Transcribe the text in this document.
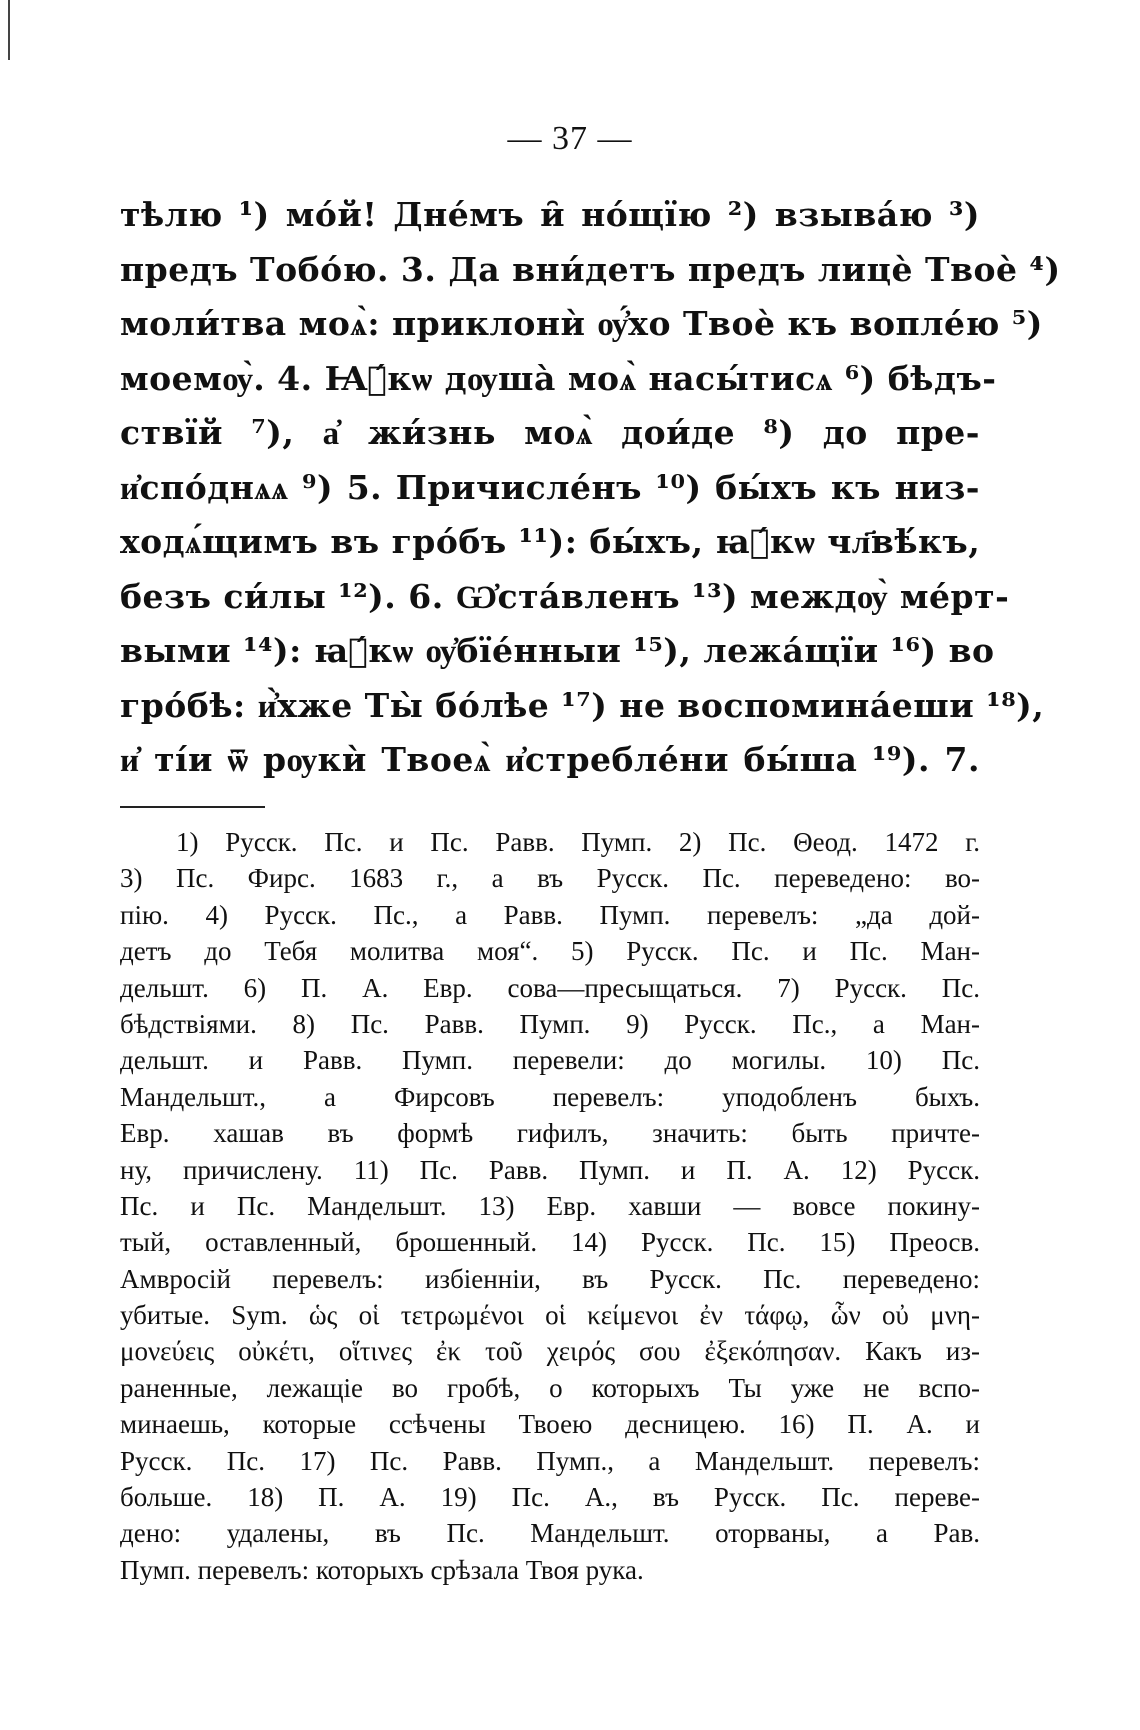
— 37 —
тѣлю ¹) мо́й! Дне́мъ и̑ но́щїю ²) взыва́ю ³)
предъ Тобо́ю. 3. Да вни́детъ предъ лицѐ Твоѐ ⁴)
моли́тва моѧ̀: приклонѝ ѹ҆́хо Твоѐ къ вопле́ю ⁵)
моемѹ̀. 4. Ꙗ҆́кѡ дѹша̀ моѧ̀ насы́тисѧ ⁶) бѣдъ-
ствїй ⁷), а҆ жи́знь моѧ̀ дои́де ⁸) до пре-
и҆спо́днѧѧ ⁹) 5. Причисле́нъ ¹⁰) бы́хъ къ низ-
ходѧ́щимъ въ гро́бъ ¹¹): бы́хъ, ꙗ҆́кѡ чл҃вѣ́къ,
безъ си́лы ¹²). 6. Ѡ҆ста́вленъ ¹³) междѹ̀ ме́рт-
выми ¹⁴): ꙗ҆́кѡ ѹ҆бїе́нныи ¹⁵), лежа́щїи ¹⁶) во
гро́бѣ: и҆̀хже Ты̀ бо́лѣе ¹⁷) не воспомина́еши ¹⁸),
и҆ ті́и ѿ рѹкѝ Твоеѧ̀ и҆стребле́ни бы́ша ¹⁹). 7.
1) Русск. Пс. и Пс. Равв. Пумп. 2) Пс. Θеод. 1472 г.
3) Пс. Фирс. 1683 г., а въ Русск. Пс. переведено: во-
пію. 4) Русск. Пс., а Равв. Пумп. перевелъ: „да дой-
детъ до Тебя молитва моя“. 5) Русск. Пс. и Пс. Ман-
дельшт. 6) П. А. Евр. сова—пресыщаться. 7) Русск. Пс.
бѣдствіями. 8) Пс. Равв. Пумп. 9) Русск. Пс., а Ман-
дельшт. и Равв. Пумп. перевели: до могилы. 10) Пс.
Мандельшт., а Фирсовъ перевелъ: уподобленъ быхъ.
Евр. хашав въ формѣ гифилъ, значить: быть причте-
ну, причислену. 11) Пс. Равв. Пумп. и П. А. 12) Русск.
Пс. и Пс. Мандельшт. 13) Евр. хавши — вовсе покину-
тый, оставленный, брошенный. 14) Русск. Пс. 15) Преосв.
Амвросій перевелъ: избіенніи, въ Русск. Пс. переведено:
убитые. Sym. ὡς οἱ τετρωμένοι οἱ κείμενοι ἐν τάφῳ, ὧν οὐ μνη-
μονεύεις οὐκέτι, οἵτινες ἐκ τοῦ χειρός σου ἐξεκόπησαν. Какъ из-
раненные, лежащіе во гробѣ, о которыхъ Ты уже не вспо-
минаешь, которые ссѣчены Твоею десницею. 16) П. А. и
Русск. Пс. 17) Пс. Равв. Пумп., а Мандельшт. перевелъ:
больше. 18) П. А. 19) Пс. А., въ Русск. Пс. переве-
дено: удалены, въ Пс. Мандельшт. оторваны, а Рав.
Пумп. перевелъ: которыхъ срѣзала Твоя рука.
